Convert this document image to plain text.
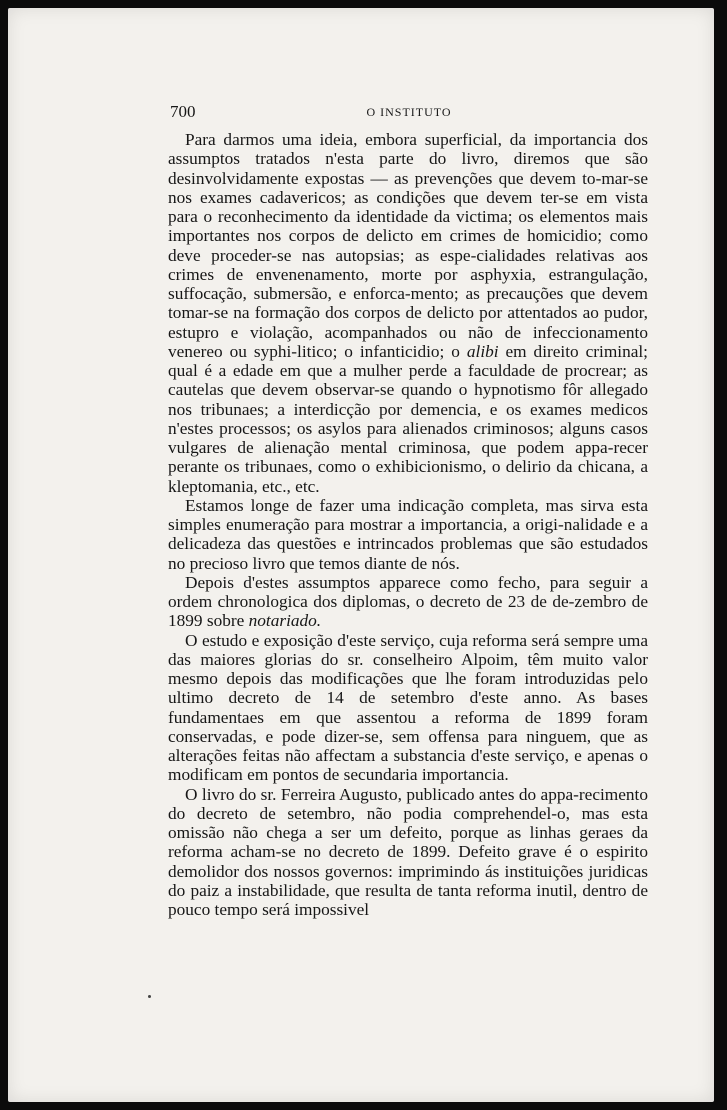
700	O INSTITUTO

Para darmos uma ideia, embora superficial, da importancia dos assumptos tratados n'esta parte do livro, diremos que são desinvolvidamente expostas — as prevenções que devem to-mar-se nos exames cadavericos; as condições que devem ter-se em vista para o reconhecimento da identidade da victima; os elementos mais importantes nos corpos de delicto em crimes de homicidio; como deve proceder-se nas autopsias; as espe-cialidades relativas aos crimes de envenenamento, morte por asphyxia, estrangulação, suffocação, submersão, e enforca-mento; as precauções que devem tomar-se na formação dos corpos de delicto por attentados ao pudor, estupro e violação, acompanhados ou não de infeccionamento venereo ou syphi-litico; o infanticidio; o alibi em direito criminal; qual é a edade em que a mulher perde a faculdade de procrear; as cautelas que devem observar-se quando o hypnotismo fôr allegado nos tribunaes; a interdicção por demencia, e os exames medicos n'estes processos; os asylos para alienados criminosos; alguns casos vulgares de alienação mental criminosa, que podem appa-recer perante os tribunaes, como o exhibicionismo, o delirio da chicana, a kleptomania, etc., etc.

Estamos longe de fazer uma indicação completa, mas sirva esta simples enumeração para mostrar a importancia, a origi-nalidade e a delicadeza das questões e intrincados problemas que são estudados no precioso livro que temos diante de nós.

Depois d'estes assumptos apparece como fecho, para seguir a ordem chronologica dos diplomas, o decreto de 23 de de-zembro de 1899 sobre notariado.

O estudo e exposição d'este serviço, cuja reforma será sempre uma das maiores glorias do sr. conselheiro Alpoim, têm muito valor mesmo depois das modificações que lhe foram introduzidas pelo ultimo decreto de 14 de setembro d'este anno. As bases fundamentaes em que assentou a reforma de 1899 foram conservadas, e pode dizer-se, sem offensa para ninguem, que as alterações feitas não affectam a substancia d'este serviço, e apenas o modificam em pontos de secundaria importancia.

O livro do sr. Ferreira Augusto, publicado antes do appa-recimento do decreto de setembro, não podia comprehendel-o, mas esta omissão não chega a ser um defeito, porque as linhas geraes da reforma acham-se no decreto de 1899. Defeito grave é o espirito demolidor dos nossos governos: imprimindo ás instituições juridicas do paiz a instabilidade, que resulta de tanta reforma inutil, dentro de pouco tempo será impossivel
